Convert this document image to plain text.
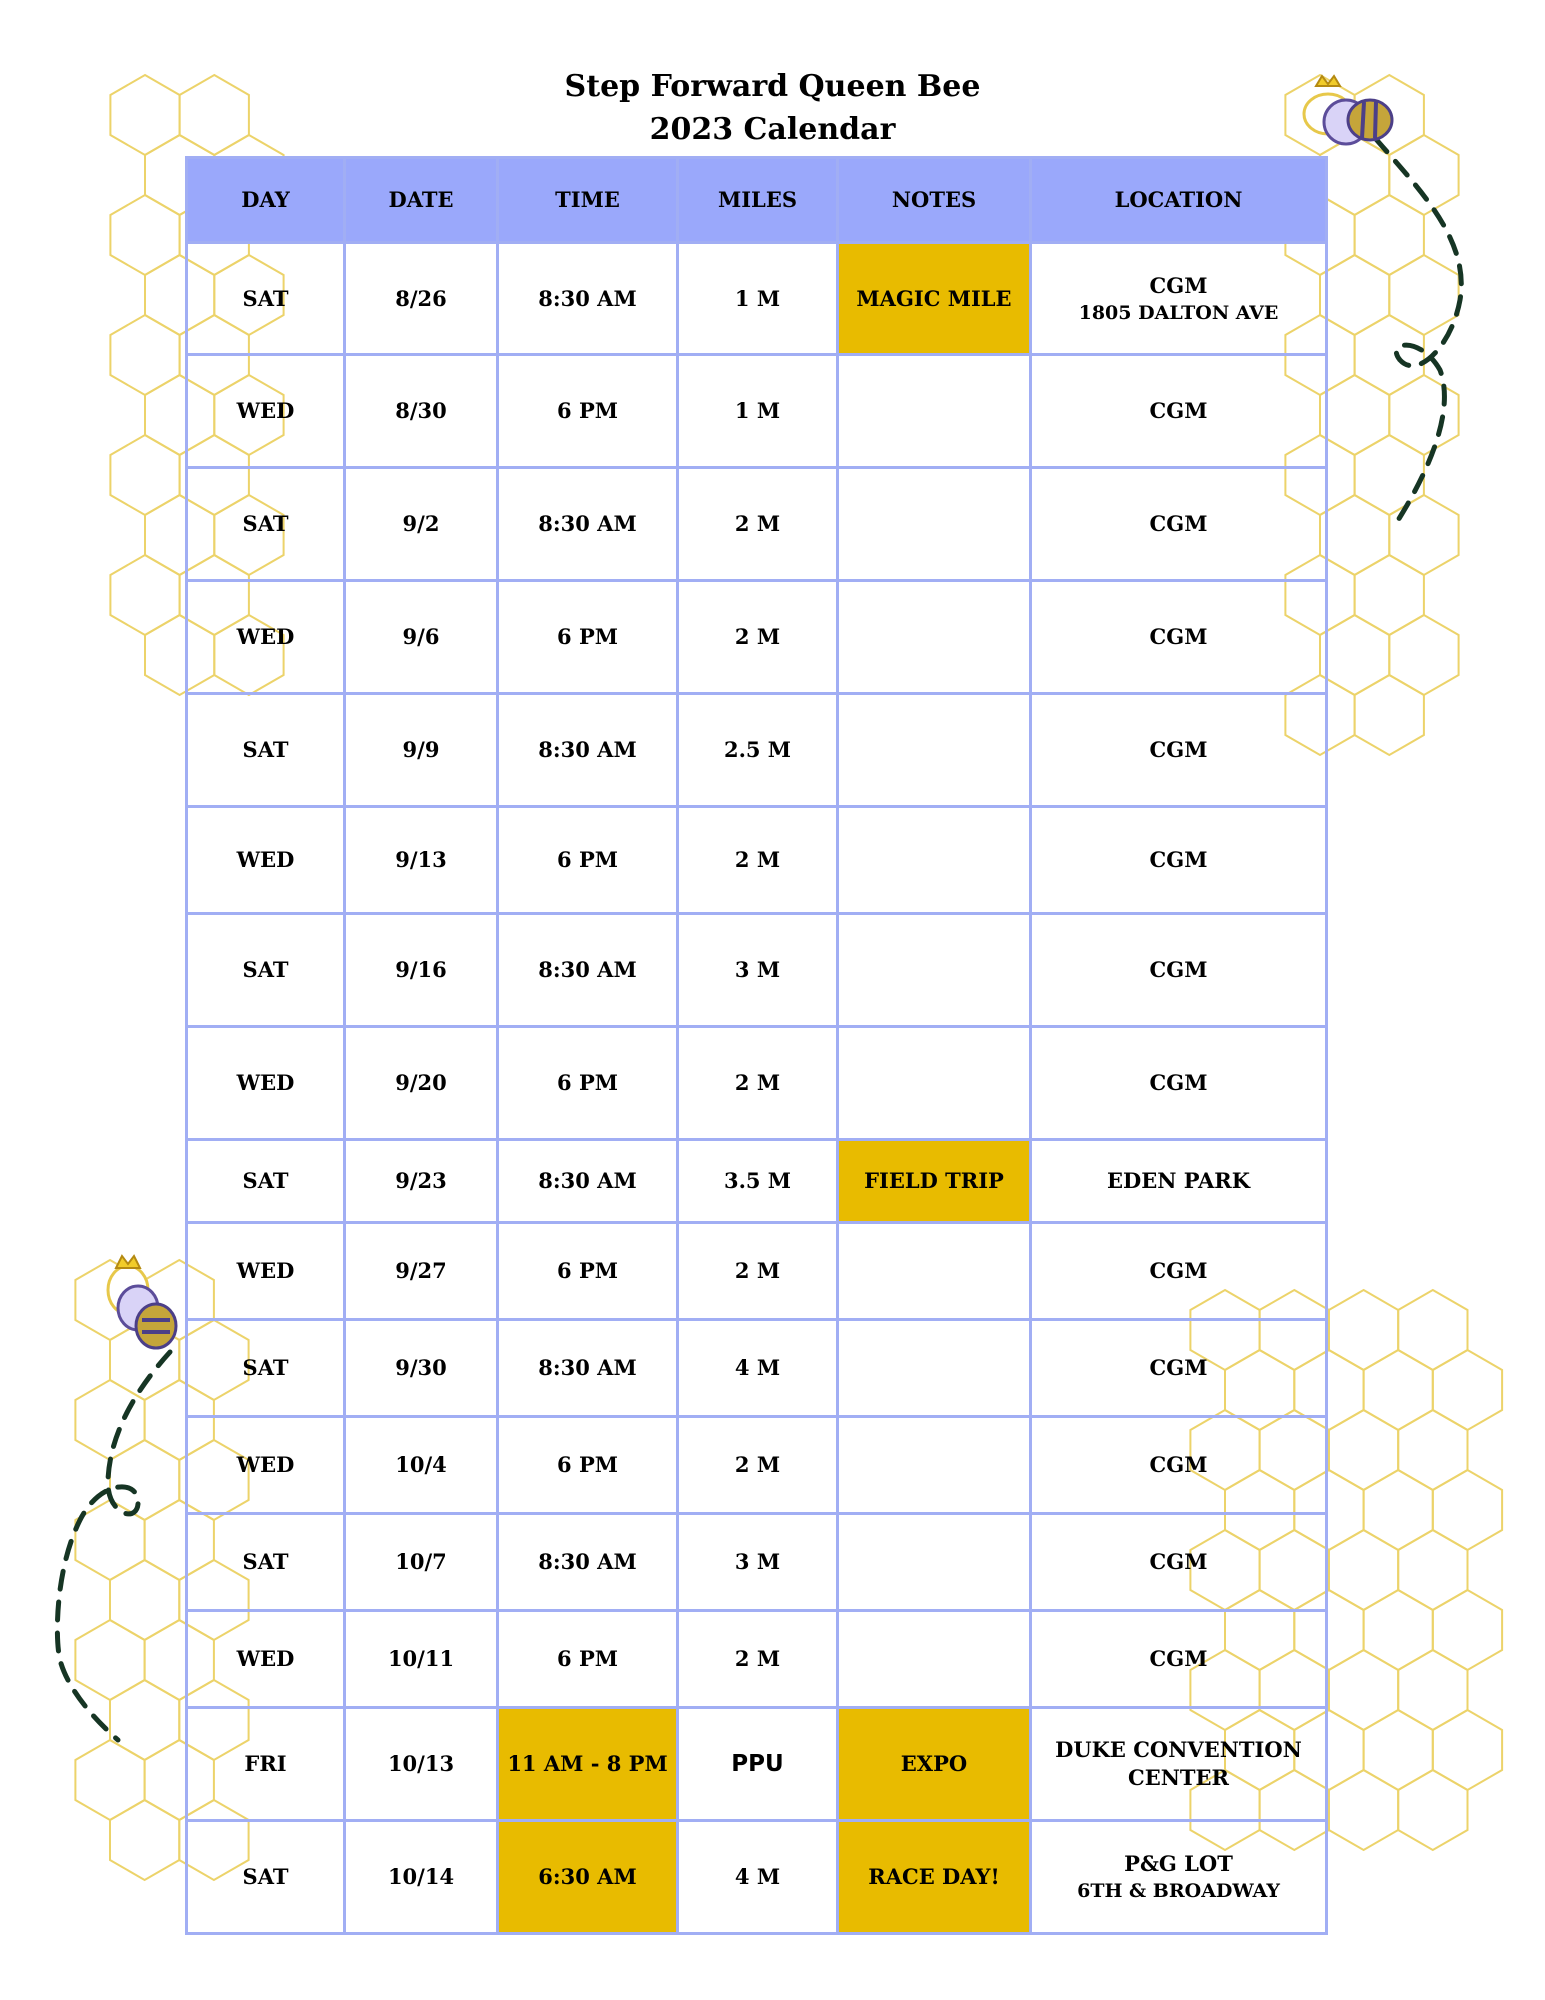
Step Forward Queen Bee
2023 Calendar
DAY	DATE	TIME	MILES	NOTES	LOCATION
SAT	8/26	8:30 AM	1 M	MAGIC MILE	CGM
1805 DALTON AVE

WED	8/30	6 PM	1 M		CGM
SAT	9/2	8:30 AM	2 M		CGM
WED	9/6	6 PM	2 M		CGM
SAT	9/9	8:30 AM	2.5 M		CGM
WED	9/13	6 PM	2 M		CGM
SAT	9/16	8:30 AM	3 M		CGM
WED	9/20	6 PM	2 M		CGM
SAT	9/23	8:30 AM	3.5 M	FIELD TRIP	EDEN PARK
WED	9/27	6 PM	2 M		CGM
SAT	9/30	8:30 AM	4 M		CGM
WED	10/4	6 PM	2 M		CGM
SAT	10/7	8:30 AM	3 M		CGM
WED	10/11	6 PM	2 M		CGM
FRI	10/13	11 AM - 8 PM	PPU	EXPO	DUKE CONVENTION CENTER
SAT	10/14	6:30 AM	4 M	RACE DAY!	P&G LOT
6TH & BROADWAY
